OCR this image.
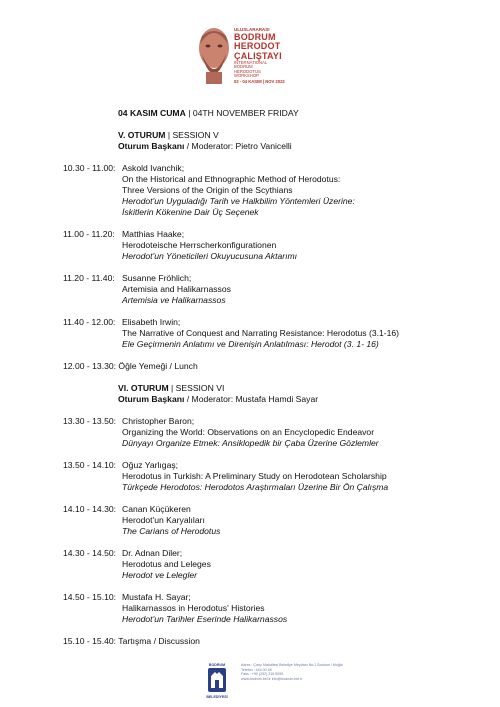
ULUSLARARASI
BODRUM
HERODOT
ÇALIŞTAYI
INTERNATIONAL
BODRUM
HERODOTUS
WORKSHOP
02 - 04 KASIM | NOV 2022
04 KASIM CUMA | 04TH NOVEMBER FRIDAY
V. OTURUM | SESSION V
Oturum Başkanı / Moderator: Pietro Vanicelli
10.30 - 11.00: Askold Ivanchik;
On the Historical and Ethnographic Method of Herodotus:
Three Versions of the Origin of the Scythians
Herodot'un Uyguladığı Tarih ve Halkbilim Yöntemleri Üzerine:
İskitlerin Kökenine Dair Üç Seçenek
11.00 - 11.20: Matthias Haake;
Herodoteische Herrscherkonfigurationen
Herodot'un Yöneticileri Okuyucusuna Aktarımı
11.20 - 11.40: Susanne Fröhlich;
Artemisia and Halikarnassos
Artemisia ve Halikarnassos
11.40 - 12.00: Elisabeth Irwin;
The Narrative of Conquest and Narrating Resistance: Herodotus (3.1-16)
Ele Geçirmenin Anlatımı ve Direnişin Anlatılması: Herodot (3. 1- 16)
12.00 - 13.30: Öğle Yemeği / Lunch
VI. OTURUM | SESSION VI
Oturum Başkanı / Moderator: Mustafa Hamdi Sayar
13.30 - 13.50: Christopher Baron;
Organizing the World: Observations on an Encyclopedic Endeavor
Dünyayı Organize Etmek: Ansiklopedik bir Çaba Üzerine Gözlemler
13.50 - 14.10: Oğuz Yarlıgaş;
Herodotus in Turkish: A Preliminary Study on Herodotean Scholarship
Türkçede Herodotos: Herodotos Araştırmaları Üzerine Bir Ön Çalışma
14.10 - 14.30: Canan Küçükeren
Herodot'un Karyalıları
The Carians of Herodotus
14.30 - 14.50: Dr. Adnan Diler;
Herodotus and Leleges
Herodot ve Lelegler
14.50 - 15.10: Mustafa H. Sayar;
Halikarnassos in Herodotus' Histories
Herodot'un Tarihler Eserinde Halikarnassos
15.10 - 15.40: Tartışma / Discussion
BODRUM
BELEDİYESİ
Adres : Çarşı Mahallesi Belediye Meydanı No:1 Bodrum / Muğla
Telefon : 444 00 48
Faks : +90 (252) 316 5059
www.bodrum.bel.tr info@bodrum.bel.tr
